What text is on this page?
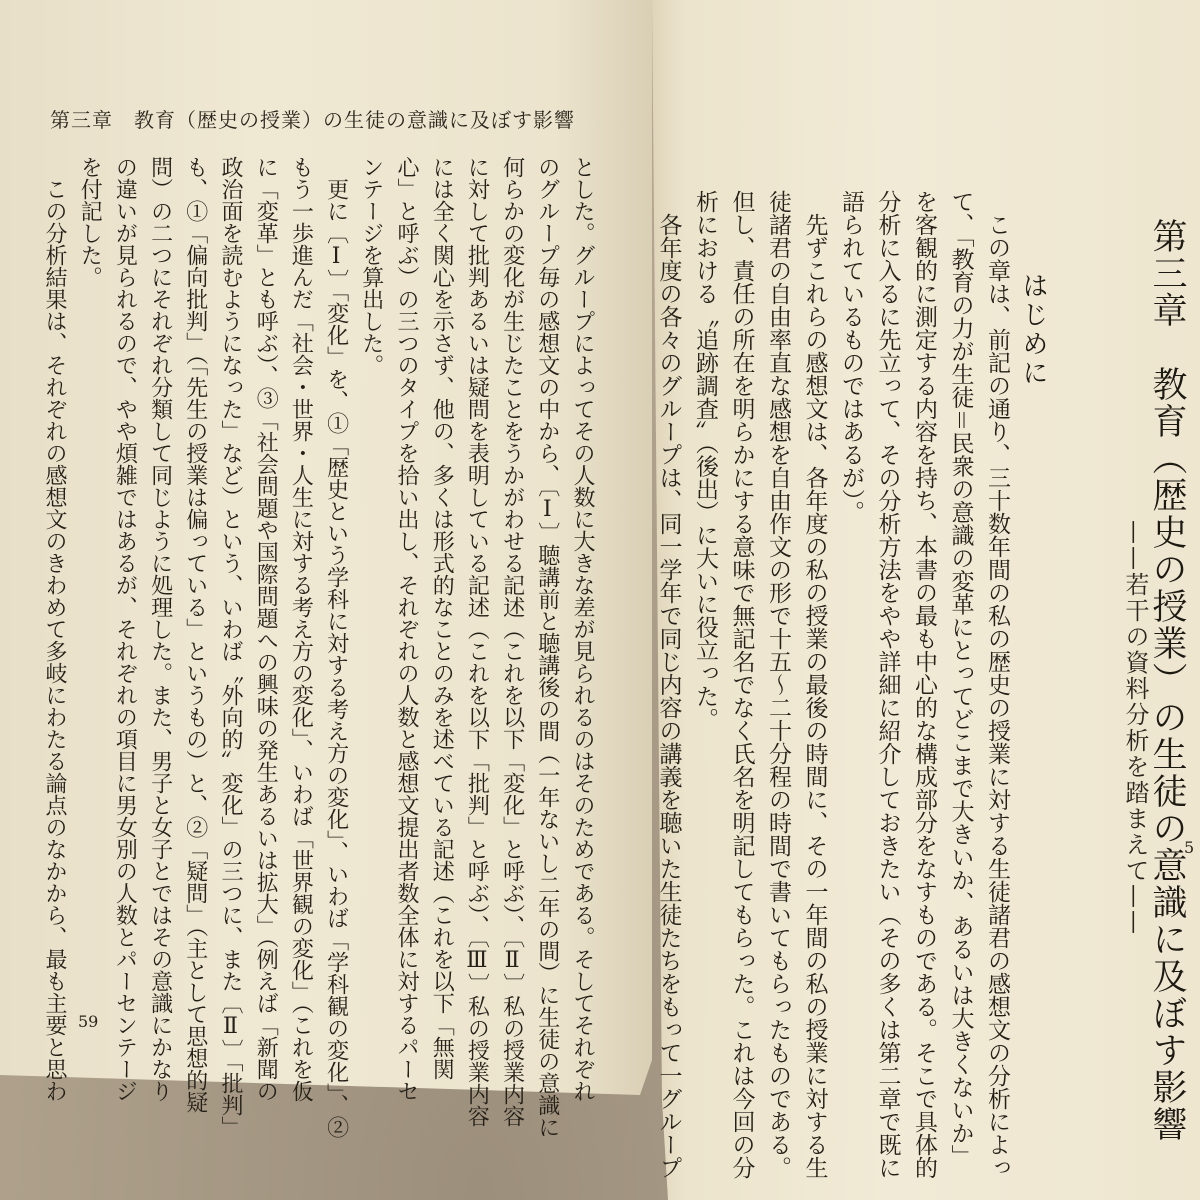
第三章　教育（歴史の授業）の生徒の意識に及ぼす影響
59	とした。グループによってその人数に大きな差が見られるのはそのためである。そしてそれぞれ
のグループ毎の感想文の中から、〔Ⅰ〕聴講前と聴講後の間（一年ないし二年の間）に生徒の意識に
何らかの変化が生じたことをうかがわせる記述（これを以下「変化」と呼ぶ）、〔Ⅱ〕私の授業内容
に対して批判あるいは疑問を表明している記述（これを以下「批判」と呼ぶ）、〔Ⅲ〕私の授業内容
には全く関心を示さず、他の、多くは形式的なことのみを述べている記述（これを以下「無関
心」と呼ぶ）の三つのタイプを拾い出し、それぞれの人数と感想文提出者数全体に対するパーセ
ンテージを算出した。
更に〔Ⅰ〕「変化」を、①「歴史という学科に対する考え方の変化」、いわば「学科観の変化」、②
もう一歩進んだ「社会・世界・人生に対する考え方の変化」、いわば「世界観の変化」（これを仮
に「変革」とも呼ぶ）、③「社会問題や国際問題への興味の発生あるいは拡大」（例えば「新聞の
政治面を読むようになった」など）という、いわば〝外向的〟変化」の三つに、また〔Ⅱ〕「批判」
も、①「偏向批判」（「先生の授業は偏っている」というもの）と、②「疑問」（主として思想的疑
問）の二つにそれぞれ分類して同じように処理した。また、男子と女子とではその意識にかなり
の違いが見られるので、やや煩雑ではあるが、それぞれの項目に男女別の人数とパーセンテージ
を付記した。
この分析結果は、それぞれの感想文のきわめて多岐にわたる論点のなかから、最も主要と思わ	第三章　教育（歴史の授業）の生徒の意識に及ぼす影響
——若干の資料分析を踏まえて——
はじめに
5
この章は、前記の通り、三十数年間の私の歴史の授業に対する生徒諸君の感想文の分析によっ
て、「教育の力が生徒＝民衆の意識の変革にとってどこまで大きいか、あるいは大きくないか」
を客観的に測定する内容を持ち、本書の最も中心的な構成部分をなすものである。そこで具体的
分析に入るに先立って、その分析方法をやや詳細に紹介しておきたい（その多くは第二章で既に
語られているものではあるが）。
先ずこれらの感想文は、各年度の私の授業の最後の時間に、その一年間の私の授業に対する生
徒諸君の自由率直な感想を自由作文の形で十五～二十分程の時間で書いてもらったものである。
但し、責任の所在を明らかにする意味で無記名でなく氏名を明記してもらった。これは今回の分
析における〝追跡調査〟（後出）に大いに役立った。
各年度の各々のグループは、同一学年で同じ内容の講義を聴いた生徒たちをもって一グループ
